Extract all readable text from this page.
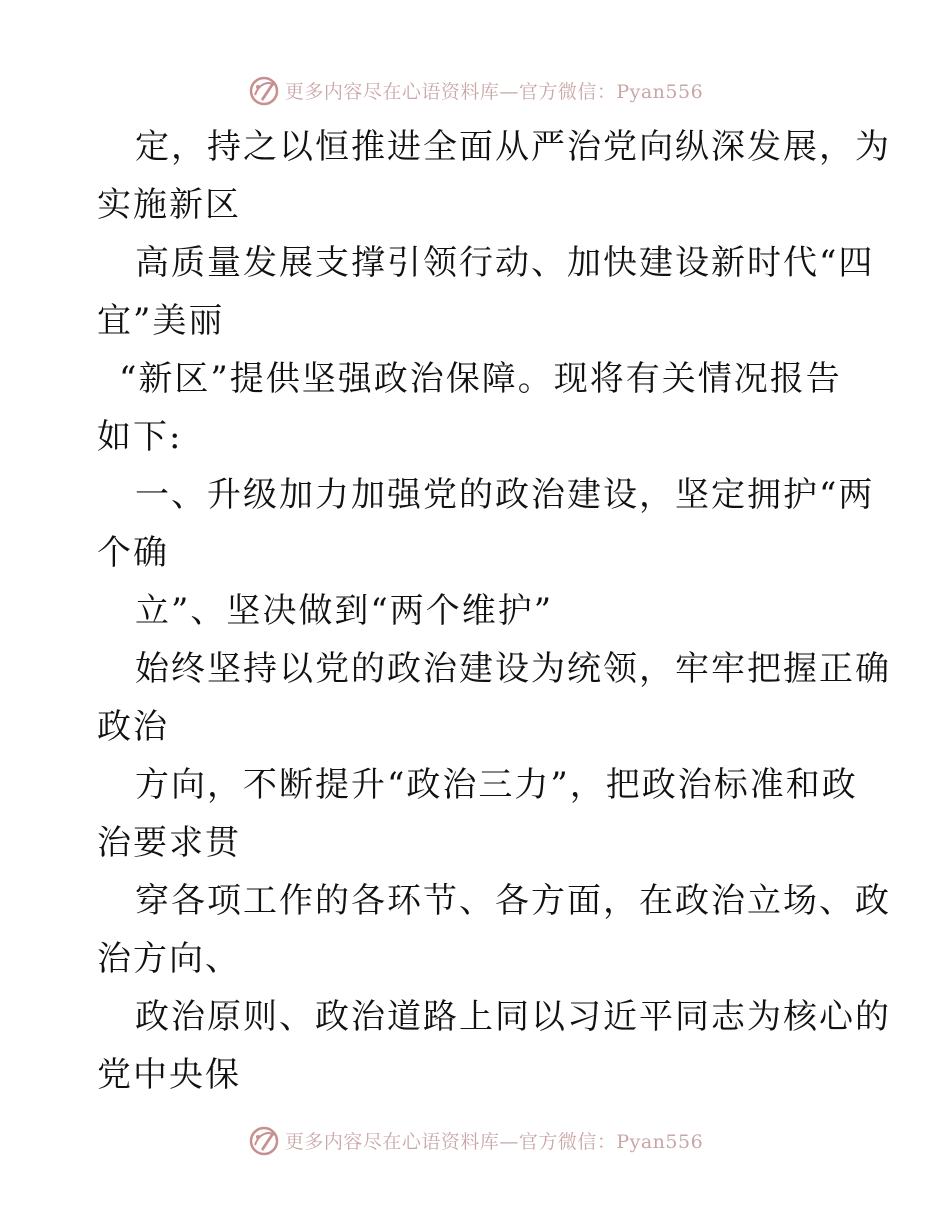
更多内容尽在心语资料库—官方微信：Pyan556
定，持之以恒推进全面从严治党向纵深发展，为
实施新区
高质量发展支撑引领行动、加快建设新时代“四
宜”美丽
“新区”提供坚强政治保障。现将有关情况报告
如下:
一、升级加力加强党的政治建设，坚定拥护“两
个确
立”、坚决做到“两个维护”
始终坚持以党的政治建设为统领，牢牢把握正确
政治
方向，不断提升“政治三力”，把政治标准和政
治要求贯
穿各项工作的各环节、各方面，在政治立场、政
治方向、
政治原则、政治道路上同以习近平同志为核心的
党中央保
更多内容尽在心语资料库—官方微信：Pyan556
